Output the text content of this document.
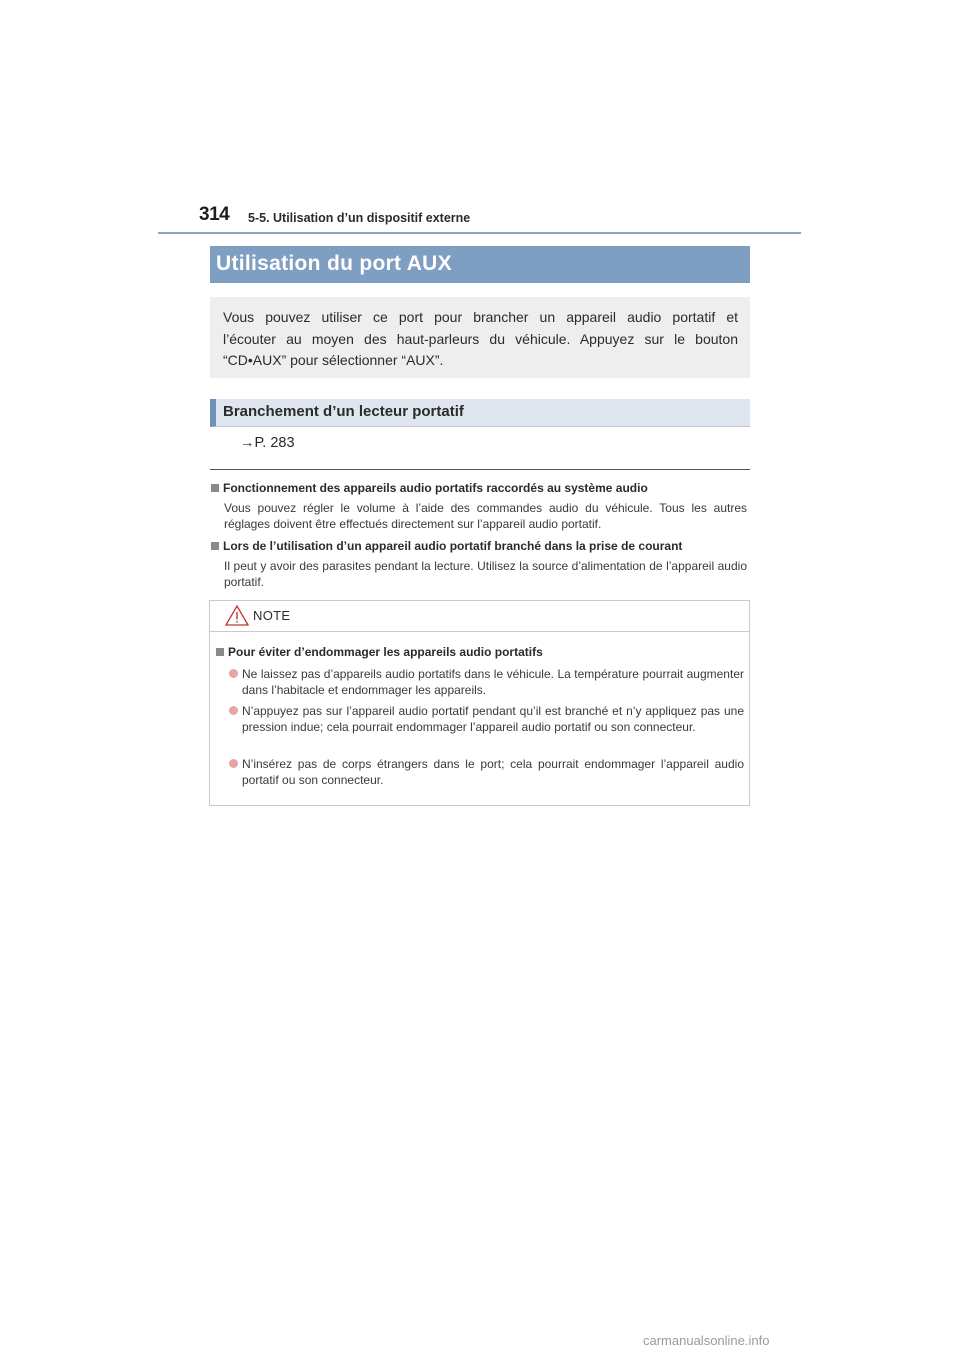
314 5-5. Utilisation d’un dispositif externe
Utilisation du port AUX
Vous pouvez utiliser ce port pour brancher un appareil audio portatif et
l’écouter au moyen des haut-parleurs du véhicule. Appuyez sur le bouton
“CD•AUX” pour sélectionner “AUX”.
Branchement d’un lecteur portatif
→P. 283
Fonctionnement des appareils audio portatifs raccordés au système audio
Vous pouvez régler le volume à l’aide des commandes audio du véhicule. Tous les autres réglages doivent être effectués directement sur l’appareil audio portatif.
Lors de l’utilisation d’un appareil audio portatif branché dans la prise de courant
Il peut y avoir des parasites pendant la lecture. Utilisez la source d’alimentation de l’appareil audio portatif.
NOTE
Pour éviter d’endommager les appareils audio portatifs
Ne laissez pas d’appareils audio portatifs dans le véhicule. La température pourrait augmenter dans l’habitacle et endommager les appareils.
N’appuyez pas sur l’appareil audio portatif pendant qu’il est branché et n’y appliquez pas une pression indue; cela pourrait endommager l’appareil audio portatif ou son connecteur.
N’insérez pas de corps étrangers dans le port; cela pourrait endommager l’appareil audio portatif ou son connecteur.
carmanualsonline.info
